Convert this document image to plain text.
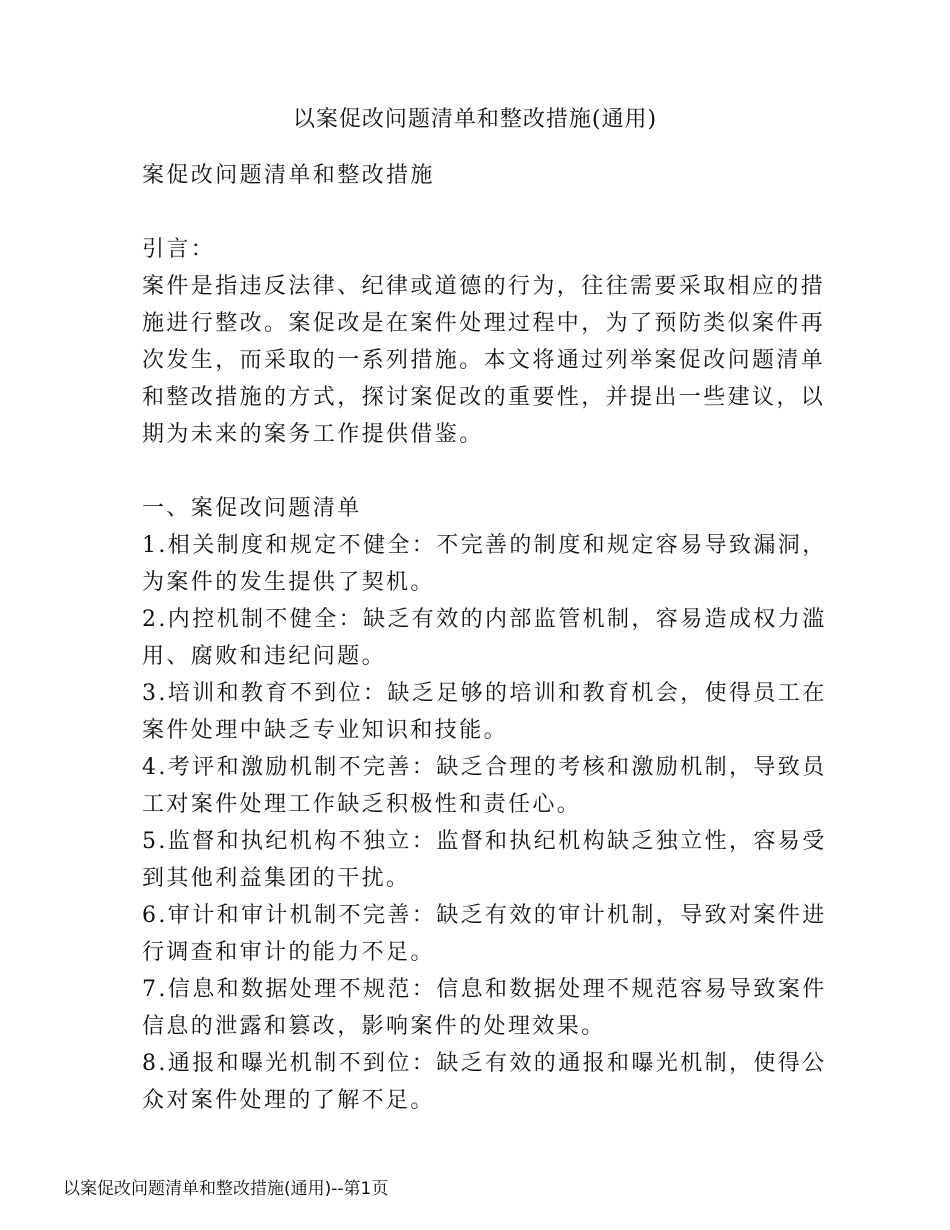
以案促改问题清单和整改措施(通用)

案促改问题清单和整改措施

引言：

案件是指违反法律、纪律或道德的行为，往往需要采取相应的措施进行整改。案促改是在案件处理过程中，为了预防类似案件再次发生，而采取的一系列措施。本文将通过列举案促改问题清单和整改措施的方式，探讨案促改的重要性，并提出一些建议，以期为未来的案务工作提供借鉴。

一、案促改问题清单

1.相关制度和规定不健全：不完善的制度和规定容易导致漏洞，为案件的发生提供了契机。

2.内控机制不健全：缺乏有效的内部监管机制，容易造成权力滥用、腐败和违纪问题。

3.培训和教育不到位：缺乏足够的培训和教育机会，使得员工在案件处理中缺乏专业知识和技能。

4.考评和激励机制不完善：缺乏合理的考核和激励机制，导致员工对案件处理工作缺乏积极性和责任心。

5.监督和执纪机构不独立：监督和执纪机构缺乏独立性，容易受到其他利益集团的干扰。

6.审计和审计机制不完善：缺乏有效的审计机制，导致对案件进行调查和审计的能力不足。

7.信息和数据处理不规范：信息和数据处理不规范容易导致案件信息的泄露和篡改，影响案件的处理效果。

8.通报和曝光机制不到位：缺乏有效的通报和曝光机制，使得公众对案件处理的了解不足。

以案促改问题清单和整改措施(通用)--第1页
